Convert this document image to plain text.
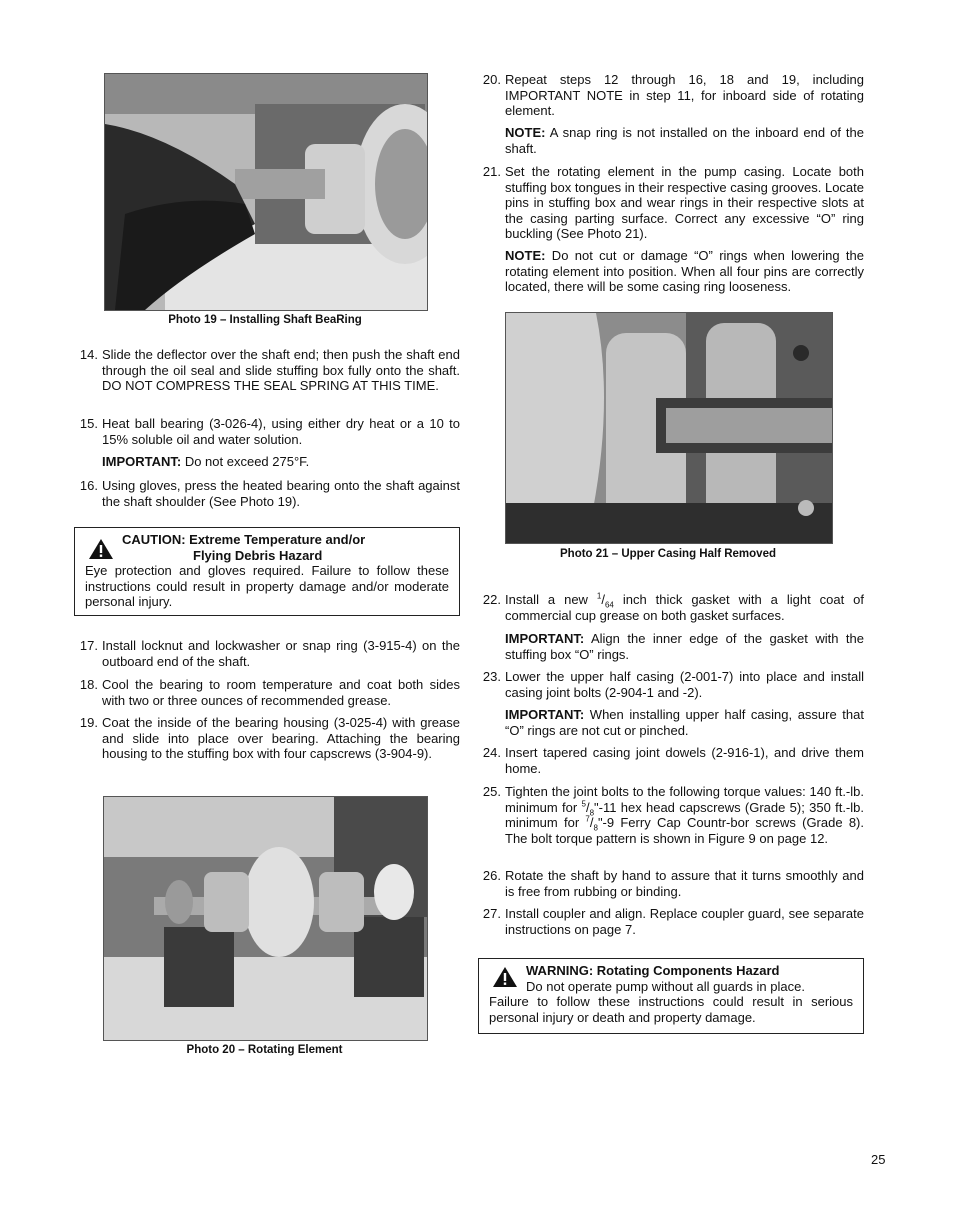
Photo 19 – Installing Shaft BeaRing
14. Slide the deflector over the shaft end; then push the shaft end through the oil seal and slide stuffing box fully onto the shaft. DO NOT COMPRESS THE SEAL SPRING AT THIS TIME.
15. Heat ball bearing (3-026-4), using either dry heat or a 10 to 15% soluble oil and water solution.
IMPORTANT: Do not exceed 275°F.
16. Using gloves, press the heated bearing onto the shaft against the shaft shoulder (See Photo 19).
CAUTION: Extreme Temperature and/or
Flying Debris Hazard
Eye protection and gloves required. Failure to follow these instructions could result in property damage and/or moderate personal injury.
17. Install locknut and lockwasher or snap ring (3-915-4) on the outboard end of the shaft.
18. Cool the bearing to room temperature and coat both sides with two or three ounces of recommended grease.
19. Coat the inside of the bearing housing (3-025-4) with grease and slide into place over bearing. Attaching the bearing housing to the stuffing box with four capscrews (3-904-9).
Photo 20 – Rotating Element
20. Repeat steps 12 through 16, 18 and 19, including IMPORTANT NOTE in step 11, for inboard side of rotating element.
NOTE: A snap ring is not installed on the inboard end of the shaft.
21. Set the rotating element in the pump casing. Locate both stuffing box tongues in their respective casing grooves. Locate pins in stuffing box and wear rings in their respective slots at the casing parting surface. Correct any excessive “O” ring buckling (See Photo 21).
NOTE: Do not cut or damage “O” rings when lowering the rotating element into position. When all four pins are correctly located, there will be some casing ring looseness.
Photo 21 – Upper Casing Half Removed
22. Install a new $^1/_{64}$ inch thick gasket with a light coat of commercial cup grease on both gasket surfaces.
IMPORTANT: Align the inner edge of the gasket with the stuffing box “O” rings.
23. Lower the upper half casing (2-001-7) into place and install casing joint bolts (2-904-1 and -2).
IMPORTANT: When installing upper half casing, assure that “O” rings are not cut or pinched.
24. Insert tapered casing joint dowels (2-916-1), and drive them home.
25. Tighten the joint bolts to the following torque values: 140 ft.-lb. minimum for $^5/_8"-11$ hex head capscrews (Grade 5); 350 ft.-lb. minimum for $^7/_8"-9$ Ferry Cap Countr-bor screws (Grade 8). The bolt torque pattern is shown in Figure 9 on page 12.
26. Rotate the shaft by hand to assure that it turns smoothly and is free from rubbing or binding.
27. Install coupler and align. Replace coupler guard, see separate instructions on page 7.
WARNING: Rotating Components Hazard
Do not operate pump without all guards in place.
Failure to follow these instructions could result in serious personal injury or death and property damage.
25
